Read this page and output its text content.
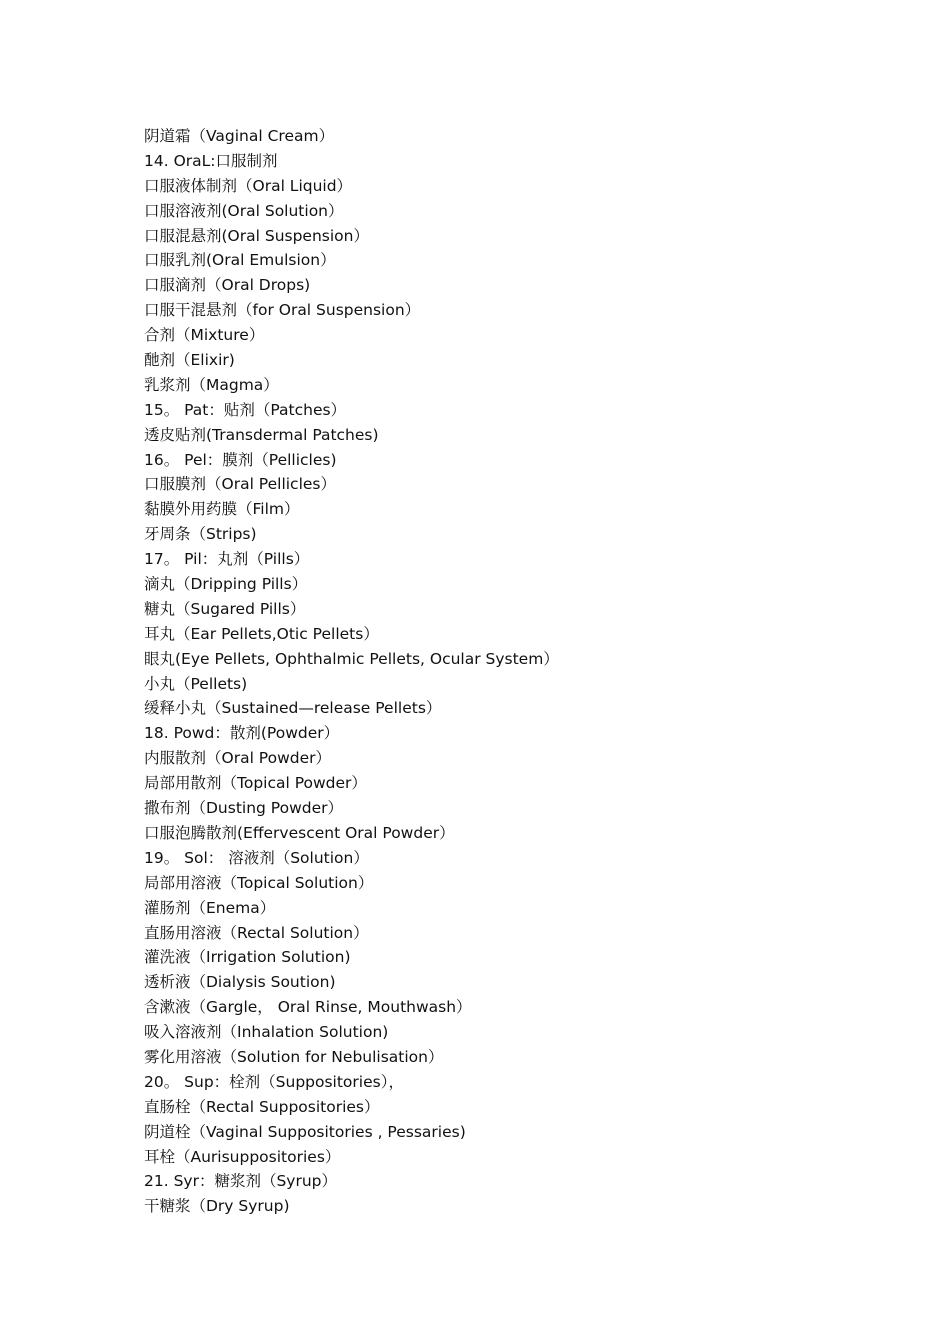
阴道霜（Vaginal Cream）
14. OraL:口服制剂
口服液体制剂（Oral Liquid）
口服溶液剂(Oral Solution）
口服混悬剂(Oral Suspension）
口服乳剂(Oral Emulsion）
口服滴剂（Oral Drops)
口服干混悬剂（for Oral Suspension）
合剂（Mixture）
酏剂（Elixir)
乳浆剂（Magma）
15。 Pat：贴剂（Patches）
透皮贴剂(Transdermal Patches)
16。 Pel：膜剂（Pellicles)
口服膜剂（Oral Pellicles）
黏膜外用药膜（Film）
牙周条（Strips)
17。 Pil：丸剂（Pills）
滴丸（Dripping Pills）
糖丸（Sugared Pills）
耳丸（Ear Pellets,Otic Pellets）
眼丸(Eye Pellets, Ophthalmic Pellets, Ocular System）
小丸（Pellets)
缓释小丸（Sustained—release Pellets）
18. Powd：散剂(Powder）
内服散剂（Oral Powder）
局部用散剂（Topical Powder）
撒布剂（Dusting Powder）
口服泡腾散剂(Effervescent Oral Powder）
19。 Sol： 溶液剂（Solution）
局部用溶液（Topical Solution）
灌肠剂（Enema）
直肠用溶液（Rectal Solution）
灌洗液（Irrigation Solution)
透析液（Dialysis Soution)
含漱液（Gargle， Oral Rinse, Mouthwash）
吸入溶液剂（Inhalation Solution)
雾化用溶液（Solution for Nebulisation）
20。 Sup：栓剂（Suppositories），
直肠栓（Rectal Suppositories）
阴道栓（Vaginal Suppositories , Pessaries)
耳栓（Aurisuppositories）
21. Syr：糖浆剂（Syrup）
干糖浆（Dry Syrup)
